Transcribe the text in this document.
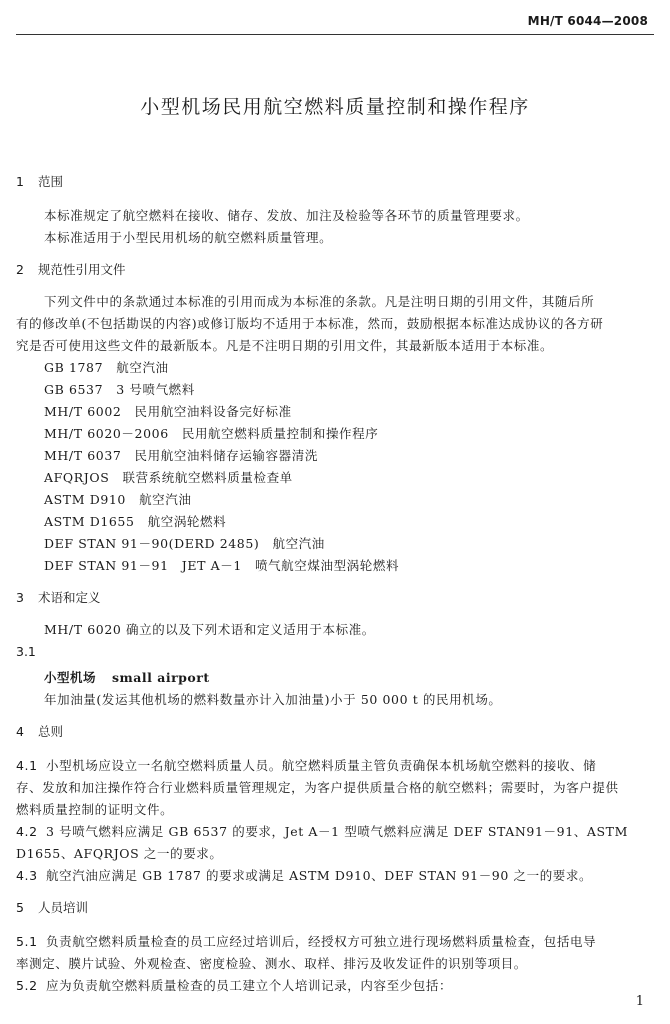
MH/T 6044—2008
小型机场民用航空燃料质量控制和操作程序
1 范围
本标准规定了航空燃料在接收、储存、发放、加注及检验等各环节的质量管理要求。
本标准适用于小型民用机场的航空燃料质量管理。
2 规范性引用文件
下列文件中的条款通过本标准的引用而成为本标准的条款。凡是注明日期的引用文件，其随后所
有的修改单(不包括勘误的内容)或修订版均不适用于本标准，然而，鼓励根据本标准达成协议的各方研
究是否可使用这些文件的最新版本。凡是不注明日期的引用文件，其最新版本适用于本标准。
GB 1787　航空汽油
GB 6537　3 号喷气燃料
MH/T 6002　民用航空油料设备完好标准
MH/T 6020－2006　民用航空燃料质量控制和操作程序
MH/T 6037　民用航空油料储存运输容器清洗
AFQRJOS　联营系统航空燃料质量检查单
ASTM D910　航空汽油
ASTM D1655　航空涡轮燃料
DEF STAN 91－90(DERD 2485)　航空汽油
DEF STAN 91－91　JET A－1　喷气航空煤油型涡轮燃料
3 术语和定义
MH/T 6020 确立的以及下列术语和定义适用于本标准。
3.1
小型机场 small airport
年加油量(发运其他机场的燃料数量亦计入加油量)小于 50 000 t 的民用机场。
4 总则
4.1 小型机场应设立一名航空燃料质量人员。航空燃料质量主管负责确保本机场航空燃料的接收、储
存、发放和加注操作符合行业燃料质量管理规定，为客户提供质量合格的航空燃料；需要时，为客户提供
燃料质量控制的证明文件。
4.2 3 号喷气燃料应满足 GB 6537 的要求，Jet A－1 型喷气燃料应满足 DEF STAN91－91、ASTM
D1655、AFQRJOS 之一的要求。
4.3 航空汽油应满足 GB 1787 的要求或满足 ASTM D910、DEF STAN 91－90 之一的要求。
5 人员培训
5.1 负责航空燃料质量检查的员工应经过培训后，经授权方可独立进行现场燃料质量检查，包括电导
率测定、膜片试验、外观检查、密度检验、测水、取样、排污及收发证件的识别等项目。
5.2 应为负责航空燃料质量检查的员工建立个人培训记录，内容至少包括：
1
